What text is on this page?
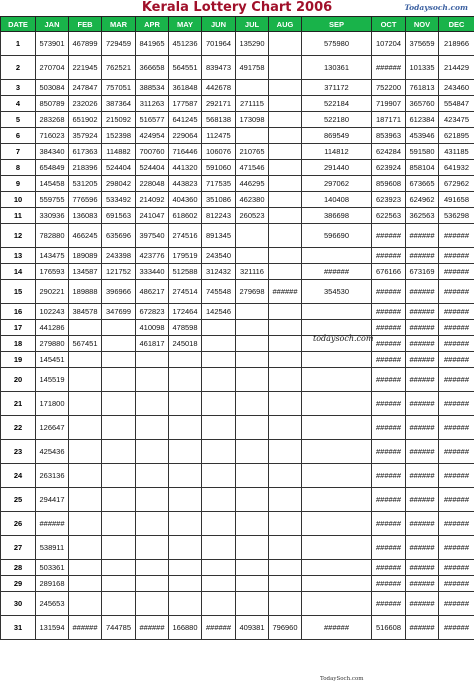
Kerala Lottery Chart 2006	Todaysoch.com
DATE	JAN	FEB	MAR	APR	MAY	JUN	JUL	AUG	SEP	OCT	NOV	DEC
1	573901	467899	729459	841965	451236	701964	135290		575980	107204	375659	218966
2	270704	221945	762521	366658	564551	839473	491758		130361	######	101335	214429
3	503084	247847	757051	388534	361848	442678			371172	752200	761813	243460
4	850789	232026	387364	311263	177587	292171	271115		522184	719907	365760	554847
5	283268	651902	215092	516577	641245	568138	173098		522180	187171	612384	423475
6	716023	357924	152398	424954	229064	112475			869549	853963	453946	621895
7	384340	617363	114882	700760	716446	106076	210765		114812	624284	591580	431185
8	654849	218396	524404	524404	441320	591060	471546		291440	623924	858104	641932
9	145458	531205	298042	228048	443823	717535	446295		297062	859608	673665	672962
10	559755	776596	533492	214092	404360	351086	462380		140408	623923	624962	491658
11	330936	136083	691563	241047	618602	812243	260523		386698	622563	362563	536298
12	782880	466245	635696	397540	274516	891345			596690	######	######	######
13	143475	189089	243398	423776	179519	243540				######	######	######
14	176593	134587	121752	333440	512588	312432	321116		######	676166	673169	######
15	290221	189888	396966	486217	274514	745548	279698	######	354530	######	######	######
16	102243	384578	347699	672823	172464	142546				######	######	######
17	441286			410098	478598					######	######	######
18	279880	567451		461817	245018					######	######	######
19	145451									######	######	######
20	145519									######	######	######
21	171800									######	######	######
22	126647									######	######	######
23	425436									######	######	######
24	263136									######	######	######
25	294417									######	######	######
26	######									######	######	######
27	538911									######	######	######
28	503361									######	######	######
29	289168									######	######	######
30	245653									######	######	######
31	131594	######	744785	######	166880	######	409381	796960	######	516608	######	######
todaysoch.com
TodaySoch.com
